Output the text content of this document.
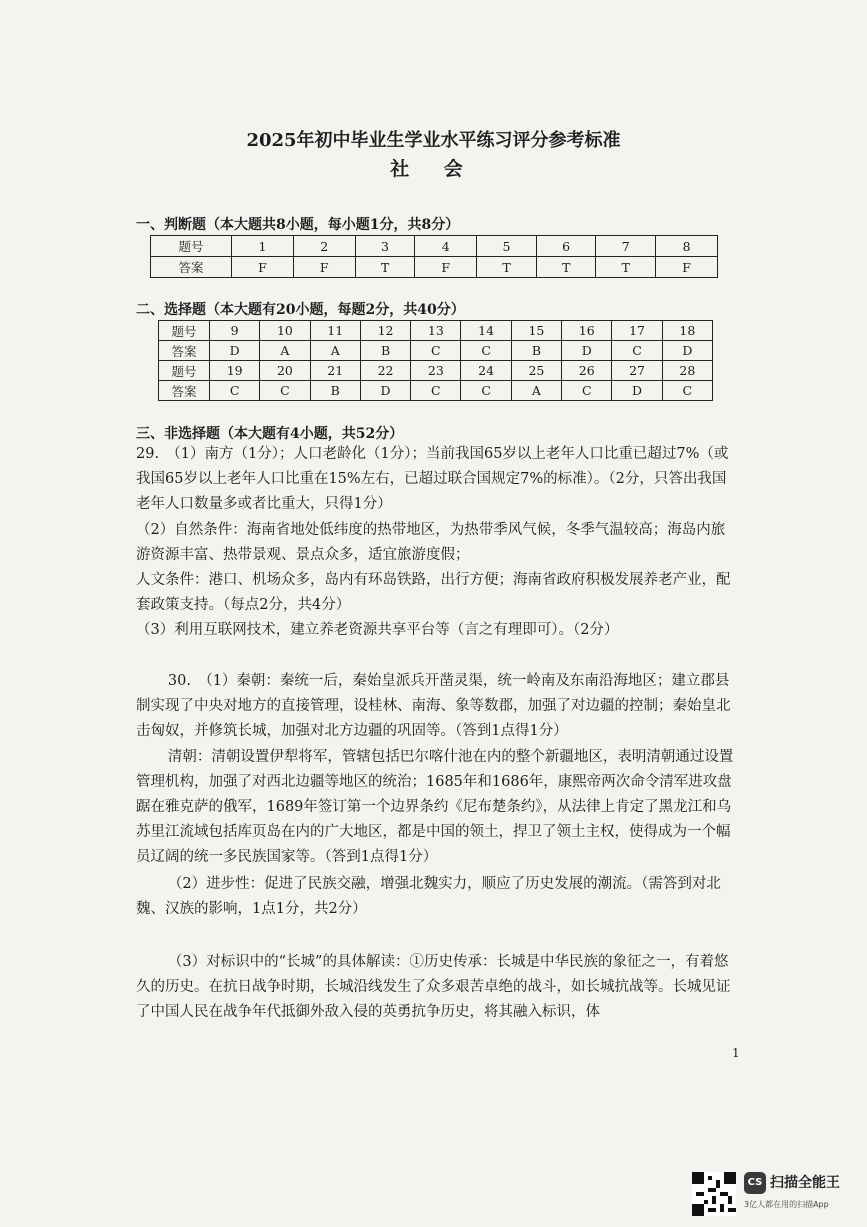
2025年初中毕业生学业水平练习评分参考标准
社 会
一、判断题（本大题共8小题，每小题1分，共8分）
题号	1	2	3	4	5	6	7	8
答案	F	F	T	F	T	T	T	F
二、选择题（本大题有20小题，每题2分，共40分）
题号	9	10	11	12	13	14	15	16	17	18
答案	D	A	A	B	C	C	B	D	C	D
题号	19	20	21	22	23	24	25	26	27	28
答案	C	C	B	D	C	C	A	C	D	C
三、非选择题（本大题有4小题，共52分）
29.　（1）南方（1分）；人口老龄化（1分）；当前我国65岁以上老年人口比重已超过7%（或我国65岁以上老年人口比重在15%左右，已超过联合国规定7%的标准）。（2分，只答出我国老年人口数量多或者比重大，只得1分）
（2）自然条件：海南省地处低纬度的热带地区，为热带季风气候，冬季气温较高；海岛内旅游资源丰富、热带景观、景点众多，适宜旅游度假；
人文条件：港口、机场众多，岛内有环岛铁路，出行方便；海南省政府积极发展养老产业，配套政策支持。（每点2分，共4分）
（3）利用互联网技术，建立养老资源共享平台等（言之有理即可）。（2分）
30.　（1）秦朝：秦统一后，秦始皇派兵开凿灵渠，统一岭南及东南沿海地区；建立郡县制实现了中央对地方的直接管理，设桂林、南海、象等数郡，加强了对边疆的控制；秦始皇北击匈奴，并修筑长城，加强对北方边疆的巩固等。（答到1点得1分）
清朝：清朝设置伊犁将军，管辖包括巴尔喀什池在内的整个新疆地区，表明清朝通过设置管理机构，加强了对西北边疆等地区的统治；1685年和1686年，康熙帝两次命令清军进攻盘踞在雅克萨的俄军，1689年签订第一个边界条约《尼布楚条约》，从法律上肯定了黑龙江和乌苏里江流域包括库页岛在内的广大地区，都是中国的领土，捍卫了领土主权，使得成为一个幅员辽阔的统一多民族国家等。（答到1点得1分）
（2）进步性：促进了民族交融，增强北魏实力，顺应了历史发展的潮流。（需答到对北魏、汉族的影响，1点1分，共2分）
（3）对标识中的“长城”的具体解读：①历史传承：长城是中华民族的象征之一，有着悠久的历史。在抗日战争时期，长城沿线发生了众多艰苦卓绝的战斗，如长城抗战等。长城见证了中国人民在战争年代抵御外敌入侵的英勇抗争历史，将其融入标识，体
1
CS 扫描全能王
3亿人都在用的扫描App
